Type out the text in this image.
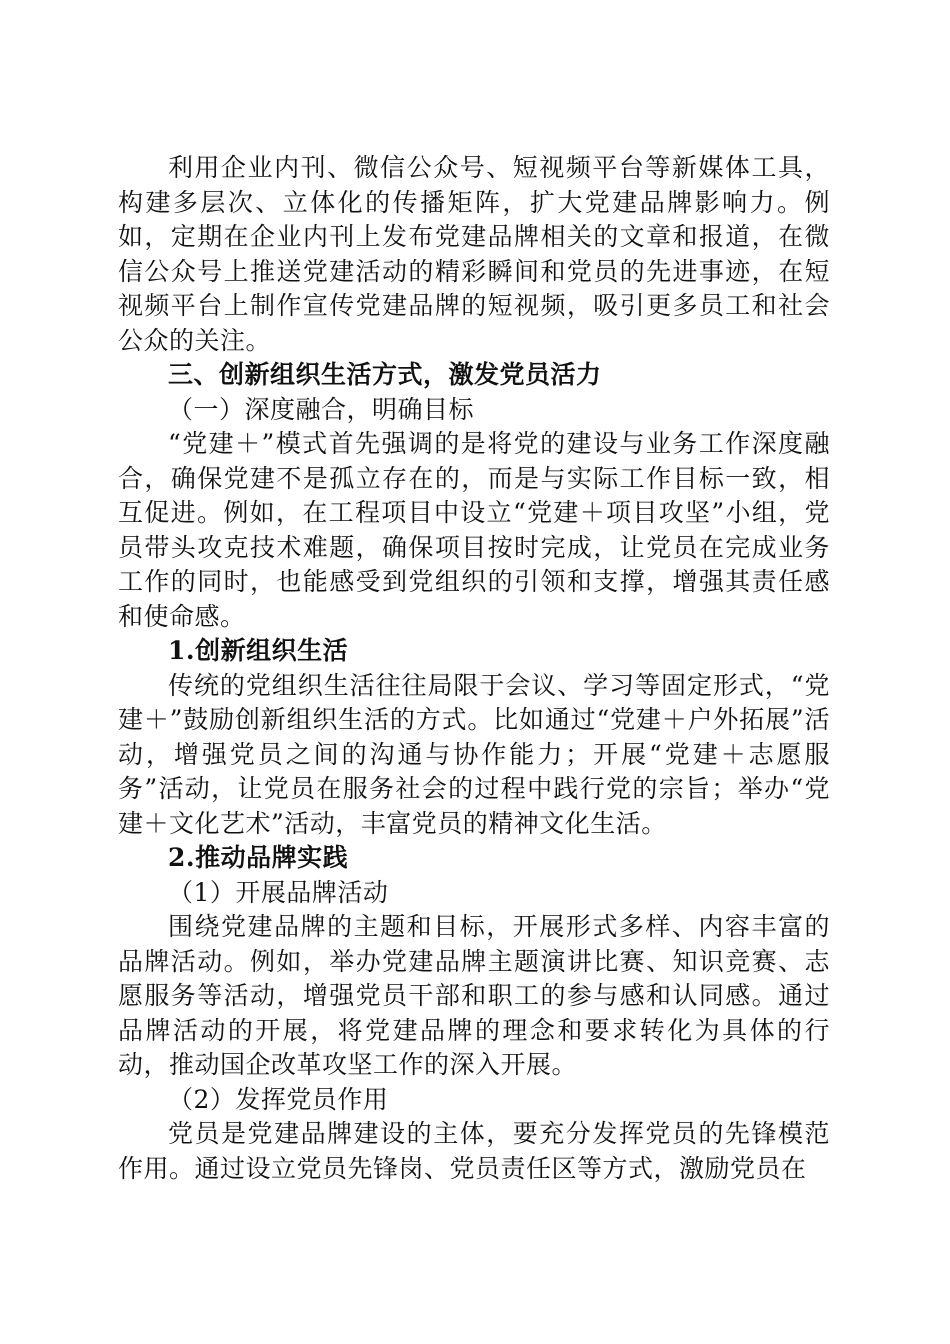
利用企业内刊、微信公众号、短视频平台等新媒体工具，构建多层次、立体化的传播矩阵，扩大党建品牌影响力。例如，定期在企业内刊上发布党建品牌相关的文章和报道，在微信公众号上推送党建活动的精彩瞬间和党员的先进事迹，在短视频平台上制作宣传党建品牌的短视频，吸引更多员工和社会公众的关注。

三、创新组织生活方式，激发党员活力

（一）深度融合，明确目标

“党建＋”模式首先强调的是将党的建设与业务工作深度融合，确保党建不是孤立存在的，而是与实际工作目标一致，相互促进。例如，在工程项目中设立“党建＋项目攻坚”小组，党员带头攻克技术难题，确保项目按时完成，让党员在完成业务工作的同时，也能感受到党组织的引领和支撑，增强其责任感和使命感。

1.创新组织生活

传统的党组织生活往往局限于会议、学习等固定形式，“党建＋”鼓励创新组织生活的方式。比如通过“党建＋户外拓展”活动，增强党员之间的沟通与协作能力；开展“党建＋志愿服务”活动，让党员在服务社会的过程中践行党的宗旨；举办“党建＋文化艺术”活动，丰富党员的精神文化生活。

2.推动品牌实践

（1）开展品牌活动

围绕党建品牌的主题和目标，开展形式多样、内容丰富的品牌活动。例如，举办党建品牌主题演讲比赛、知识竞赛、志愿服务等活动，增强党员干部和职工的参与感和认同感。通过品牌活动的开展，将党建品牌的理念和要求转化为具体的行动，推动国企改革攻坚工作的深入开展。

（2）发挥党员作用

党员是党建品牌建设的主体，要充分发挥党员的先锋模范作用。通过设立党员先锋岗、党员责任区等方式，激励党员在
